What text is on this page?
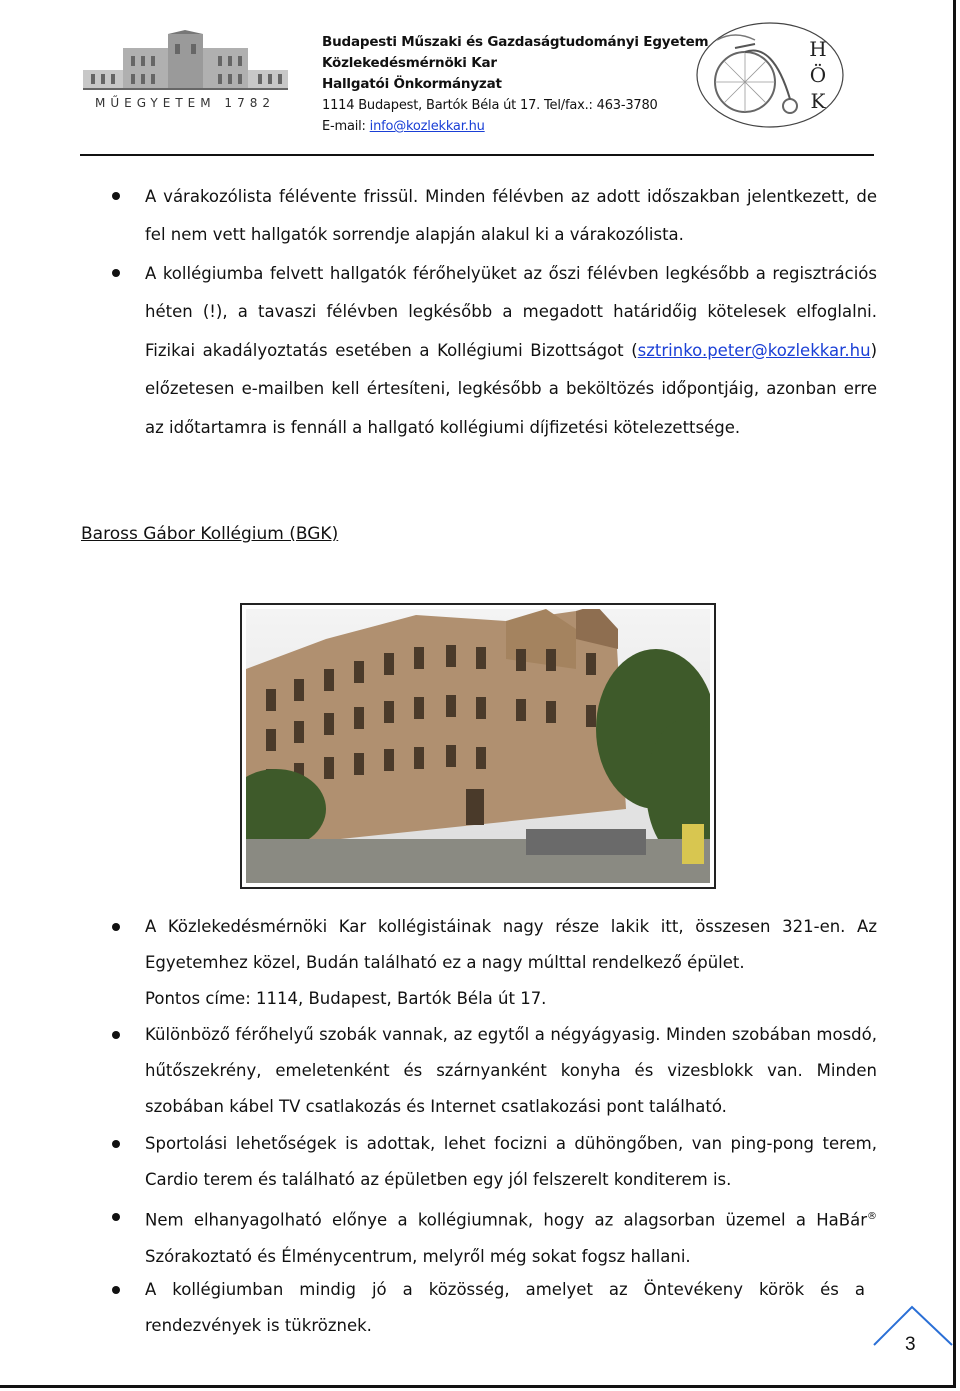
MŰEGYETEM 1782
Budapesti Műszaki és Gazdaságtudományi Egyetem
Közlekedésmérnöki Kar
Hallgatói Önkormányzat
1114 Budapest, Bartók Béla út 17. Tel/fax.: 463-3780
E-mail: info@kozlekkar.hu
H
Ö
K
A várakozólista félévente frissül. Minden félévben az adott időszakban jelentkezett, de fel nem vett hallgatók sorrendje alapján alakul ki a várakozólista.
A kollégiumba felvett hallgatók férőhelyüket az őszi félévben legkésőbb a regisztrációs héten (!), a tavaszi félévben legkésőbb a megadott határidőig kötelesek elfoglalni. Fizikai akadályoztatás esetében a Kollégiumi Bizottságot (sztrinko.peter@kozlekkar.hu) előzetesen e-mailben kell értesíteni, legkésőbb a beköltözés időpontjáig, azonban erre az időtartamra is fennáll a hallgató kollégiumi díjfizetési kötelezettsége.
Baross Gábor Kollégium (BGK)
A Közlekedésmérnöki Kar kollégistáinak nagy része lakik itt, összesen 321-en. Az Egyetemhez közel, Budán található ez a nagy múlttal rendelkező épület.
Pontos címe: 1114, Budapest, Bartók Béla út 17.
Különböző férőhelyű szobák vannak, az egytől a négyágyasig. Minden szobában mosdó, hűtőszekrény, emeletenként és szárnyanként konyha és vizesblokk van. Minden szobában kábel TV csatlakozás és Internet csatlakozási pont található.
Sportolási lehetőségek is adottak, lehet focizni a dühöngőben, van ping-pong terem, Cardio terem és található az épületben egy jól felszerelt konditerem is.
Nem elhanyagolható előnye a kollégiumnak, hogy az alagsorban üzemel a HaBár® Szórakoztató és Élménycentrum, melyről még sokat fogsz hallani.
A kollégiumban mindig jó a közösség, amelyet az Öntevékeny körök és a rendezvények is tükröznek.
3
